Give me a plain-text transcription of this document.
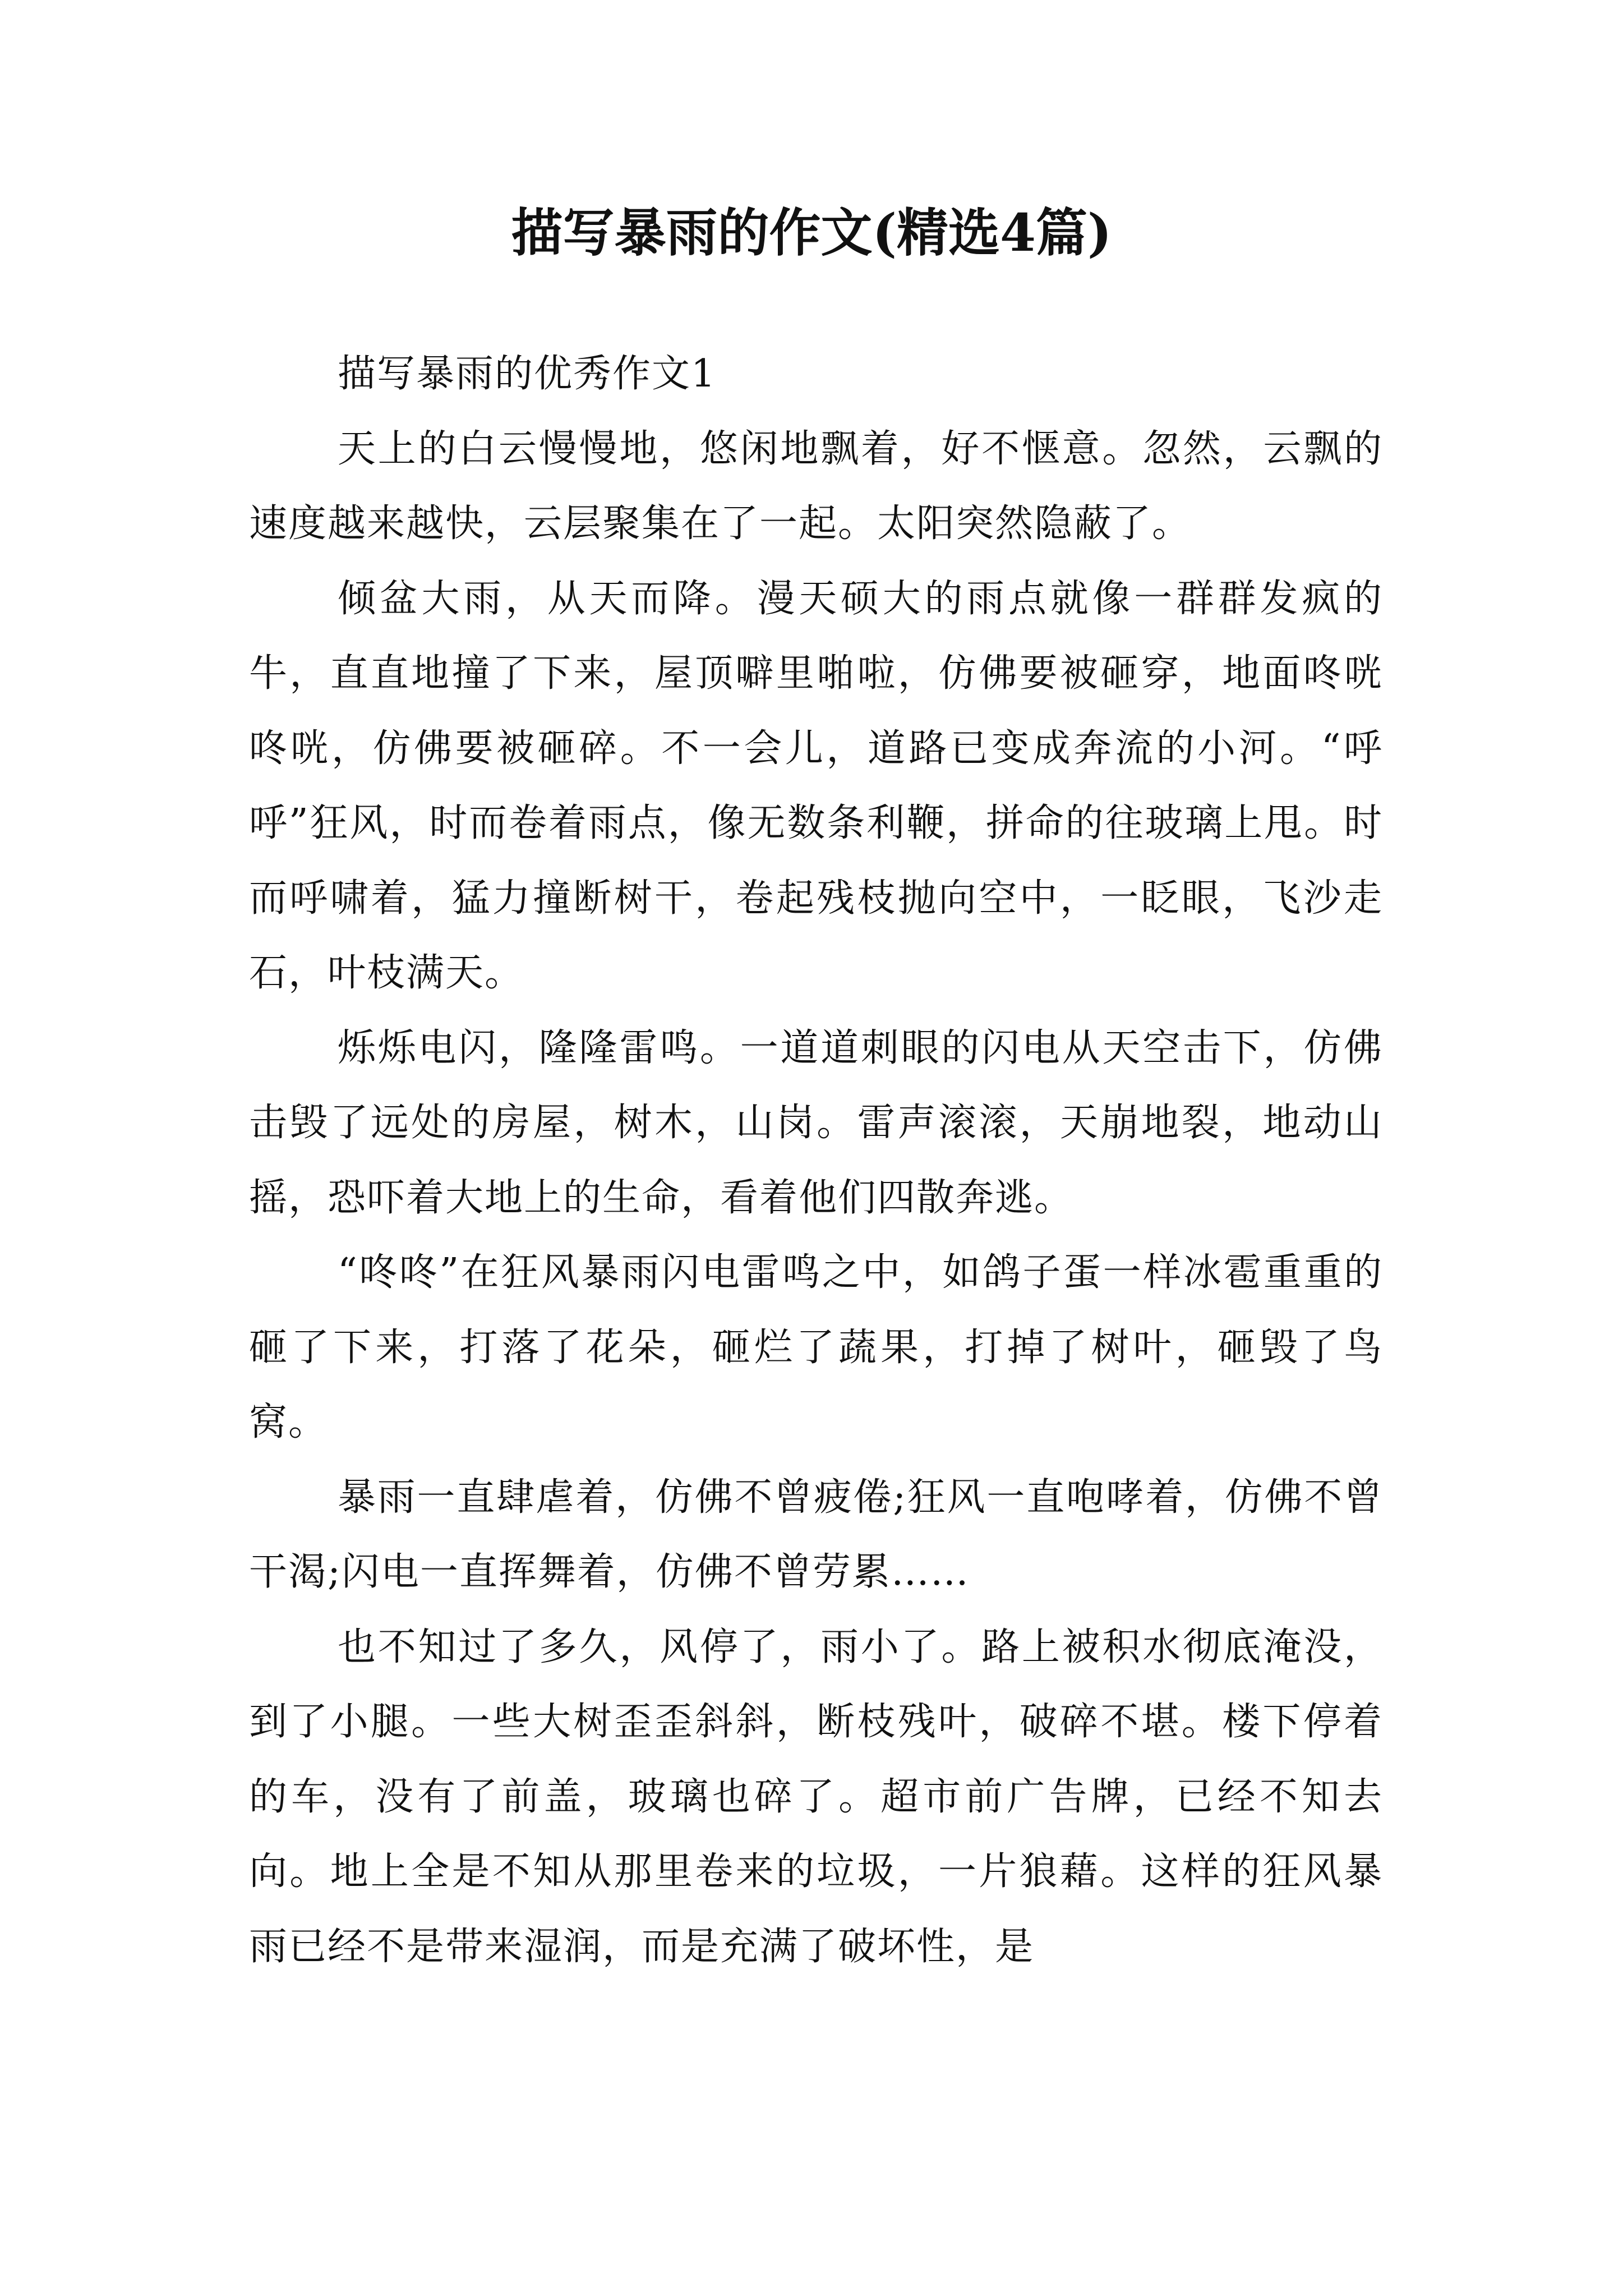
描写暴雨的作文(精选4篇)

描写暴雨的优秀作文1

天上的白云慢慢地，悠闲地飘着，好不惬意。忽然，云飘的速度越来越快，云层聚集在了一起。太阳突然隐蔽了。

倾盆大雨，从天而降。漫天硕大的雨点就像一群群发疯的牛，直直地撞了下来，屋顶噼里啪啦，仿佛要被砸穿，地面咚咣咚咣，仿佛要被砸碎。不一会儿，道路已变成奔流的小河。“呼呼”狂风，时而卷着雨点，像无数条利鞭，拼命的往玻璃上甩。时而呼啸着，猛力撞断树干，卷起残枝抛向空中，一眨眼，飞沙走石，叶枝满天。

烁烁电闪，隆隆雷鸣。一道道刺眼的闪电从天空击下，仿佛击毁了远处的房屋，树木，山岗。雷声滚滚，天崩地裂，地动山摇，恐吓着大地上的生命，看着他们四散奔逃。

“咚咚”在狂风暴雨闪电雷鸣之中，如鸽子蛋一样冰雹重重的砸了下来，打落了花朵，砸烂了蔬果，打掉了树叶，砸毁了鸟窝。

暴雨一直肆虐着，仿佛不曾疲倦;狂风一直咆哮着，仿佛不曾干渴;闪电一直挥舞着，仿佛不曾劳累……

也不知过了多久，风停了，雨小了。路上被积水彻底淹没，到了小腿。一些大树歪歪斜斜，断枝残叶，破碎不堪。楼下停着的车，没有了前盖，玻璃也碎了。超市前广告牌，已经不知去向。地上全是不知从那里卷来的垃圾，一片狼藉。这样的狂风暴雨已经不是带来湿润，而是充满了破坏性，是
